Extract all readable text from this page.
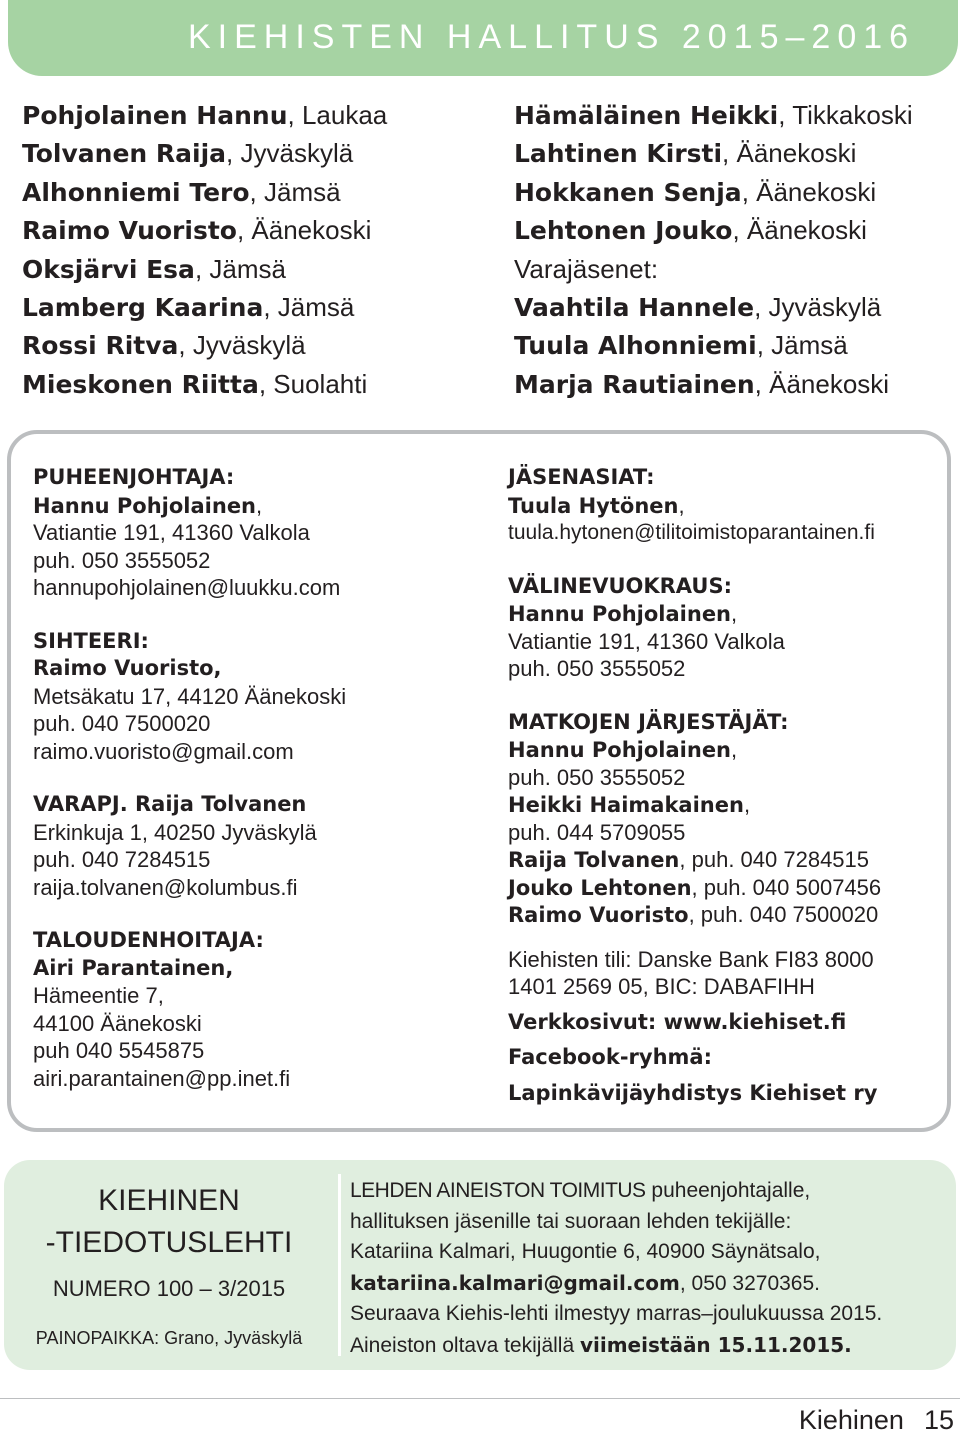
KIEHISTEN HALLITUS 2015–2016
Pohjolainen Hannu, Laukaa
Tolvanen Raija, Jyväskylä
Alhonniemi Tero, Jämsä
Raimo Vuoristo, Äänekoski
Oksjärvi Esa, Jämsä
Lamberg Kaarina, Jämsä
Rossi Ritva, Jyväskylä
Mieskonen Riitta, Suolahti
Hämäläinen Heikki, Tikkakoski
Lahtinen Kirsti, Äänekoski
Hokkanen Senja, Äänekoski
Lehtonen Jouko, Äänekoski
Varajäsenet:
Vaahtila Hannele, Jyväskylä
Tuula Alhonniemi, Jämsä
Marja Rautiainen, Äänekoski
PUHEENJOHTAJA:
Hannu Pohjolainen,
Vatiantie 191, 41360 Valkola
puh. 050 3555052
hannupohjolainen@luukku.com
SIHTEERI:
Raimo Vuoristo,
Metsäkatu 17, 44120 Äänekoski
puh. 040 7500020
raimo.vuoristo@gmail.com
VARAPJ. Raija Tolvanen
Erkinkuja 1, 40250 Jyväskylä
puh. 040 7284515
raija.tolvanen@kolumbus.fi
TALOUDENHOITAJA:
Airi Parantainen,
Hämeentie 7,
44100 Äänekoski
puh 040 5545875
airi.parantainen@pp.inet.fi
JÄSENASIAT:
Tuula Hytönen,
tuula.hytonen@tilitoimistoparantainen.fi
VÄLINEVUOKRAUS:
Hannu Pohjolainen,
Vatiantie 191, 41360 Valkola
puh. 050 3555052
MATKOJEN JÄRJESTÄJÄT:
Hannu Pohjolainen,
puh. 050 3555052
Heikki Haimakainen,
puh. 044 5709055
Raija Tolvanen, puh. 040 7284515
Jouko Lehtonen, puh. 040 5007456
Raimo Vuoristo, puh. 040 7500020
Kiehisten tili: Danske Bank FI83 8000
1401 2569 05, BIC: DABAFIHH
Verkkosivut: www.kiehiset.fi
Facebook-ryhmä:
Lapinkävijäyhdistys Kiehiset ry
KIEHINEN
-TIEDOTUSLEHTI
NUMERO 100 – 3/2015
PAINOPAIKKA: Grano, Jyväskylä
LEHDEN AINEISTON TOIMITUS puheenjohtajalle,
hallituksen jäsenille tai suoraan lehden tekijälle:
Katariina Kalmari, Huugontie 6, 40900 Säynätsalo,
katariina.kalmari@gmail.com, 050 3270365.
Seuraava Kiehis-lehti ilmestyy marras–joulukuussa 2015.
Aineiston oltava tekijällä viimeistään 15.11.2015.
Kiehinen 15
